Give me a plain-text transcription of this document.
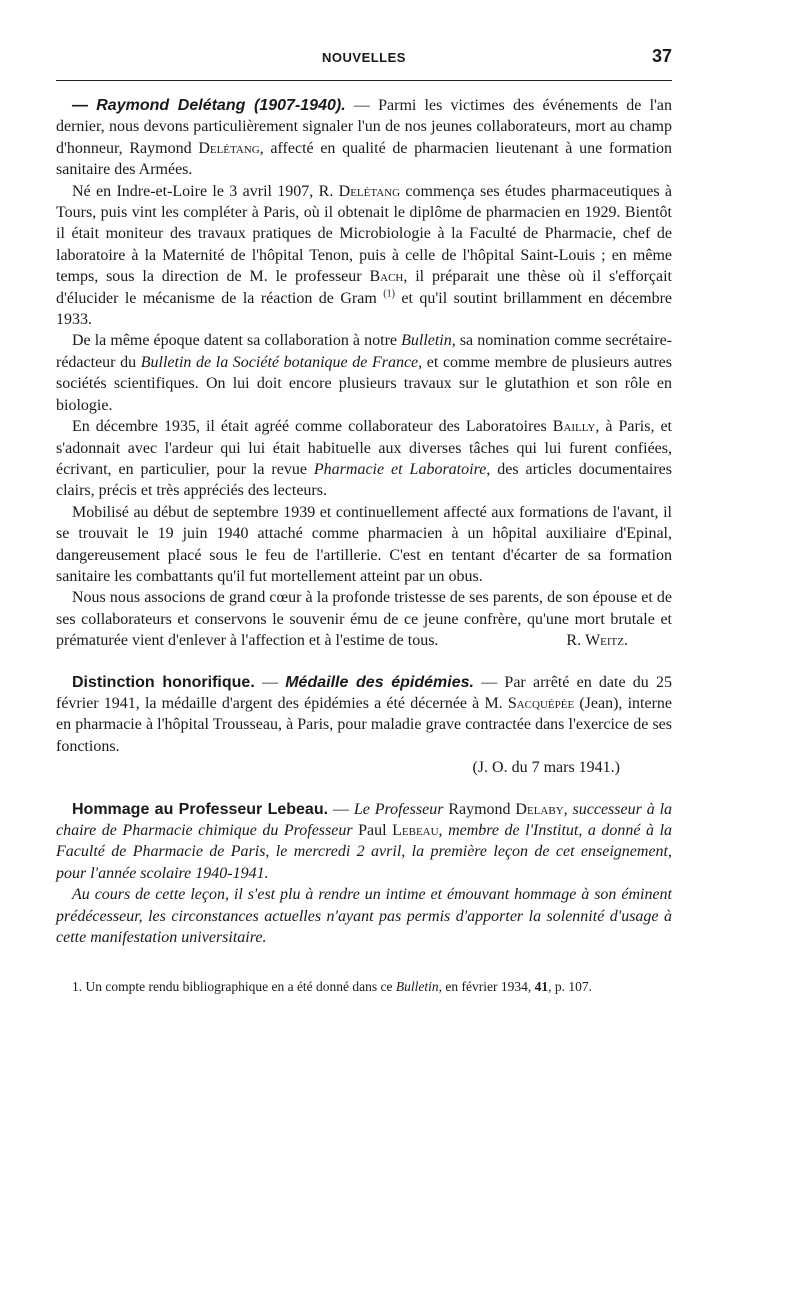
NOUVELLES	37

— Raymond Delétang (1907-1940). — Parmi les victimes des événements de l'an dernier, nous devons particulièrement signaler l'un de nos jeunes collaborateurs, mort au champ d'honneur, Raymond Delétang, affecté en qualité de pharmacien lieutenant à une formation sanitaire des Armées.

Né en Indre-et-Loire le 3 avril 1907, R. Delétang commença ses études pharmaceutiques à Tours, puis vint les compléter à Paris, où il obtenait le diplôme de pharmacien en 1929. Bientôt il était moniteur des travaux pratiques de Microbiologie à la Faculté de Pharmacie, chef de laboratoire à la Maternité de l'hôpital Tenon, puis à celle de l'hôpital Saint-Louis ; en même temps, sous la direction de M. le professeur Bach, il préparait une thèse où il s'efforçait d'élucider le mécanisme de la réaction de Gram $^{(1)}$ et qu'il soutint brillamment en décembre 1933.

De la même époque datent sa collaboration à notre Bulletin, sa nomination comme secrétaire-rédacteur du Bulletin de la Société botanique de France, et comme membre de plusieurs autres sociétés scientifiques. On lui doit encore plusieurs travaux sur le glutathion et son rôle en biologie.

En décembre 1935, il était agréé comme collaborateur des Laboratoires Bailly, à Paris, et s'adonnait avec l'ardeur qui lui était habituelle aux diverses tâches qui lui furent confiées, écrivant, en particulier, pour la revue Pharmacie et Laboratoire, des articles documentaires clairs, précis et très appréciés des lecteurs.

Mobilisé au début de septembre 1939 et continuellement affecté aux formations de l'avant, il se trouvait le 19 juin 1940 attaché comme pharmacien à un hôpital auxiliaire d'Epinal, dangereusement placé sous le feu de l'artillerie. C'est en tentant d'écarter de sa formation sanitaire les combattants qu'il fut mortellement atteint par un obus.

Nous nous associons de grand cœur à la profonde tristesse de ses parents, de son épouse et de ses collaborateurs et conservons le souvenir ému de ce jeune confrère, qu'une mort brutale et prématurée vient d'enlever à l'affection et à l'estime de tous.	R. Weitz.

Distinction honorifique. — Médaille des épidémies. — Par arrêté en date du 25 février 1941, la médaille d'argent des épidémies a été décernée à M. Sacquépée (Jean), interne en pharmacie à l'hôpital Trousseau, à Paris, pour maladie grave contractée dans l'exercice de ses fonctions.

(J. O. du 7 mars 1941.)

Hommage au Professeur Lebeau. — Le Professeur Raymond Delaby, successeur à la chaire de Pharmacie chimique du Professeur Paul Lebeau, membre de l'Institut, a donné à la Faculté de Pharmacie de Paris, le mercredi 2 avril, la première leçon de cet enseignement, pour l'année scolaire 1940-1941.

Au cours de cette leçon, il s'est plu à rendre un intime et émouvant hommage à son éminent prédécesseur, les circonstances actuelles n'ayant pas permis d'apporter la solennité d'usage à cette manifestation universitaire.

1. Un compte rendu bibliographique en a été donné dans ce Bulletin, en février 1934, 41, p. 107.
